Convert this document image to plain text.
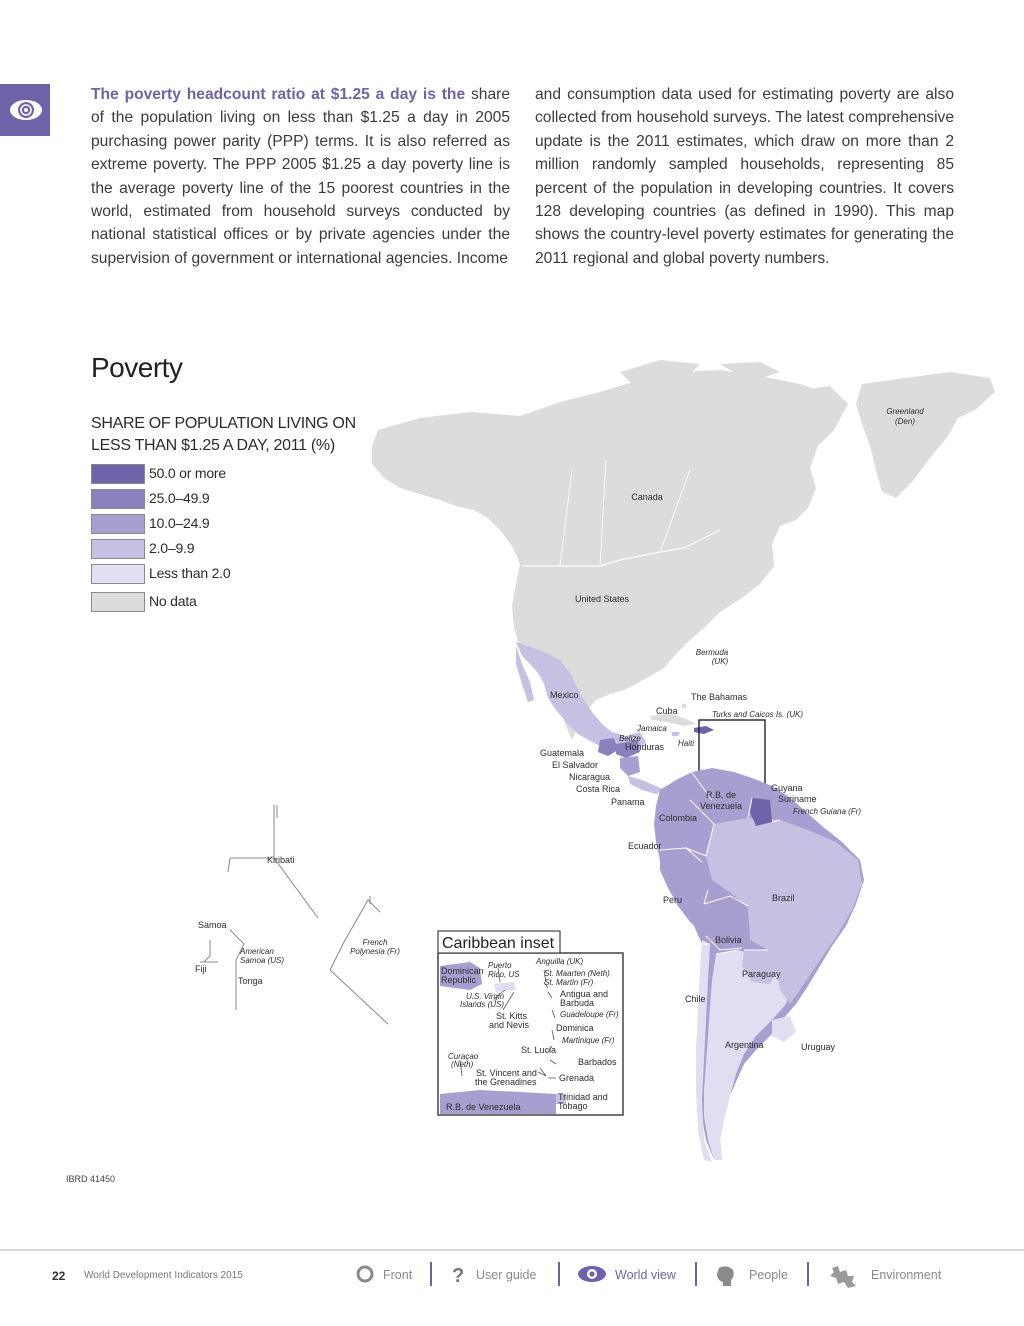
The poverty headcount ratio at $1.25 a day is the share of the population living on less than $1.25 a day in 2005 purchasing power parity (PPP) terms. It is also referred as extreme poverty. The PPP 2005 $1.25 a day poverty line is the average poverty line of the 15 poorest countries in the world, estimated from household surveys conducted by national statistical offices or by private agencies under the supervision of government or international agencies. Income
and consumption data used for estimating poverty are also collected from household surveys. The latest comprehensive update is the 2011 estimates, which draw on more than 2 million randomly sampled households, representing 85 percent of the population in developing countries. It covers 128 developing countries (as defined in 1990). This map shows the country-level poverty estimates for generating the 2011 regional and global poverty numbers.
Greenland
(Den)
Canada
United States
Bermuda
(UK)
Mexico	The Bahamas
Cuba	Turks and Caicos Is. (UK)
Jamaica
Belize
Haiti
Honduras
Guatemala
El Salvador
Nicaragua
Costa Rica
Panama
R.B. de
Venezuela
Guyana
Suriname
French Guiana (Fr)
Colombia
Ecuador
Peru	Brazil
Bolivia
Paraguay
Chile
Argentina	Uruguay
Kiribati
Samoa
American
Samoa (US)
Fiji
Tonga
French
Polynesia (Fr)	Caribbean inset
Dominican
Republic
Puerto
Rico, US
Anguilla (UK)
St. Maarten (Neth)
St. Martin (Fr)
Antigua and
Barbuda
U.S. Virgin
Islands (US)
Guadeloupe (Fr)
St. Kitts
and Nevis	Dominica
Martinique (Fr)
St. Lucia
Curaçao
(Neth)	Barbados
St. Vincent and
the Grenadines Grenada
Trinidad and
Tobago
R.B. de Venezuela
Poverty
SHARE OF POPULATION LIVING ON LESS THAN $1.25 A DAY, 2011 (%)
50.0 or more
25.0–49.9
10.0–24.9
2.0–9.9
Less than 2.0
No data
IBRD 41450
22 World Development Indicators 2015	Front ? User guide	World view	People	Environment
